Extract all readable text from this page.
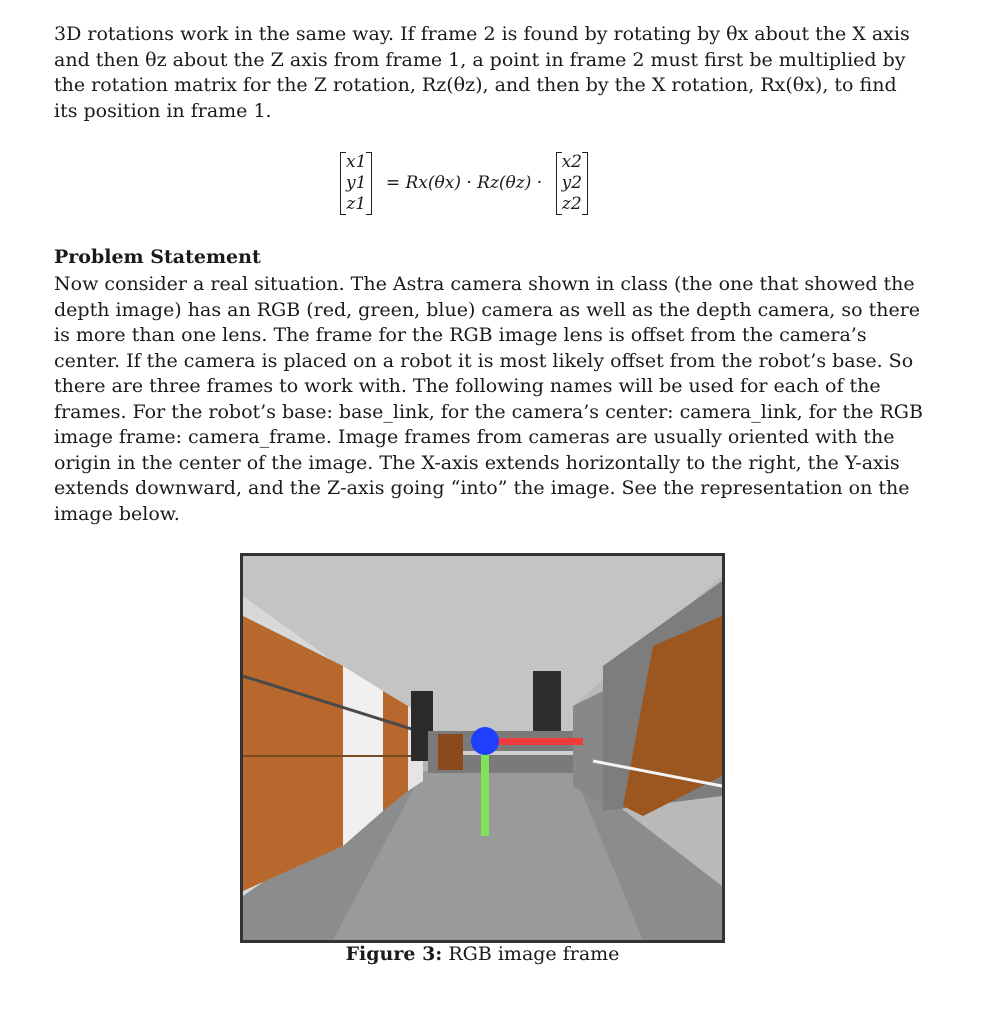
3D rotations work in the same way. If frame 2 is found by rotating by θx about the X axis and then θz about the Z axis from frame 1, a point in frame 2 must first be multiplied by the rotation matrix for the Z rotation, Rz(θz), and then by the X rotation, Rx(θx), to find its position in frame 1.

x1
y1
z1
= Rx(θx) · Rz(θz) ·
x2
y2
z2
Problem Statement

Now consider a real situation. The Astra camera shown in class (the one that showed the depth image) has an RGB (red, green, blue) camera as well as the depth camera, so there is more than one lens. The frame for the RGB image lens is offset from the camera’s center. If the camera is placed on a robot it is most likely offset from the robot’s base. So there are three frames to work with. The following names will be used for each of the frames. For the robot’s base: base_link, for the camera’s center: camera_link, for the RGB image frame: camera_frame. Image frames from cameras are usually oriented with the origin in the center of the image. The X-axis extends horizontally to the right, the Y-axis extends downward, and the Z-axis going “into” the image. See the representation on the image below.

Figure 3: RGB image frame
